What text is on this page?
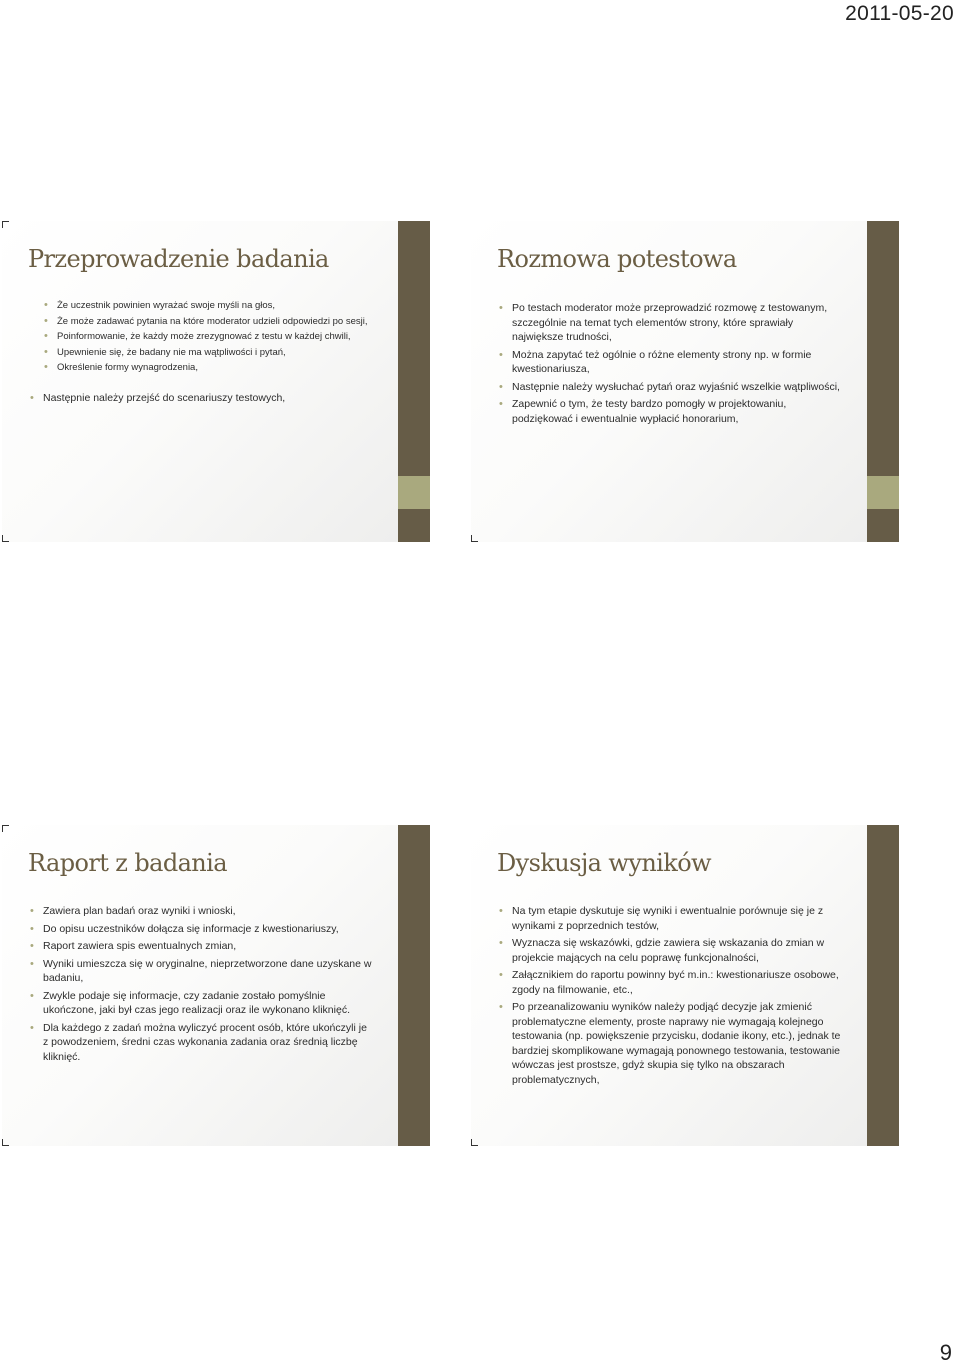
2011-05-20
Przeprowadzenie badania
• Że uczestnik powinien wyrażać swoje myśli na głos,
• Że może zadawać pytania na które moderator udzieli odpowiedzi po sesji,
• Poinformowanie, że każdy może zrezygnować z testu w każdej chwili,
• Upewnienie się, że badany nie ma wątpliwości i pytań,
• Określenie formy wynagrodzenia,
• Następnie należy przejść do scenariuszy testowych,
Rozmowa potestowa
• Po testach moderator może przeprowadzić rozmowę z testowanym, szczególnie na temat tych elementów strony, które sprawiały największe trudności,
• Można zapytać też ogólnie o różne elementy strony np. w formie kwestionariusza,
• Następnie należy wysłuchać pytań oraz wyjaśnić wszelkie wątpliwości,
• Zapewnić o tym, że testy bardzo pomogły w projektowaniu, podziękować i ewentualnie wypłacić honorarium,
Raport z badania
• Zawiera plan badań oraz wyniki i wnioski,
• Do opisu uczestników dołącza się informacje z kwestionariuszy,
• Raport zawiera spis ewentualnych zmian,
• Wyniki umieszcza się w oryginalne, nieprzetworzone dane uzyskane w badaniu,
• Zwykle podaje się informacje, czy zadanie zostało pomyślnie ukończone, jaki był czas jego realizacji oraz ile wykonano kliknięć.
• Dla każdego z zadań można wyliczyć procent osób, które ukończyli je z powodzeniem, średni czas wykonania zadania oraz średnią liczbę kliknięć.
Dyskusja wyników
• Na tym etapie dyskutuje się wyniki i ewentualnie porównuje się je z wynikami z poprzednich testów,
• Wyznacza się wskazówki, gdzie zawiera się wskazania do zmian w projekcie mających na celu poprawę funkcjonalności,
• Załącznikiem do raportu powinny być m.in.: kwestionariusze osobowe, zgody na filmowanie, etc.,
• Po przeanalizowaniu wyników należy podjąć decyzje jak zmienić problematyczne elementy, proste naprawy nie wymagają kolejnego testowania (np. powiększenie przycisku, dodanie ikony, etc.), jednak te bardziej skomplikowane wymagają ponownego testowania, testowanie wówczas jest prostsze, gdyż skupia się tylko na obszarach problematycznych,
9
